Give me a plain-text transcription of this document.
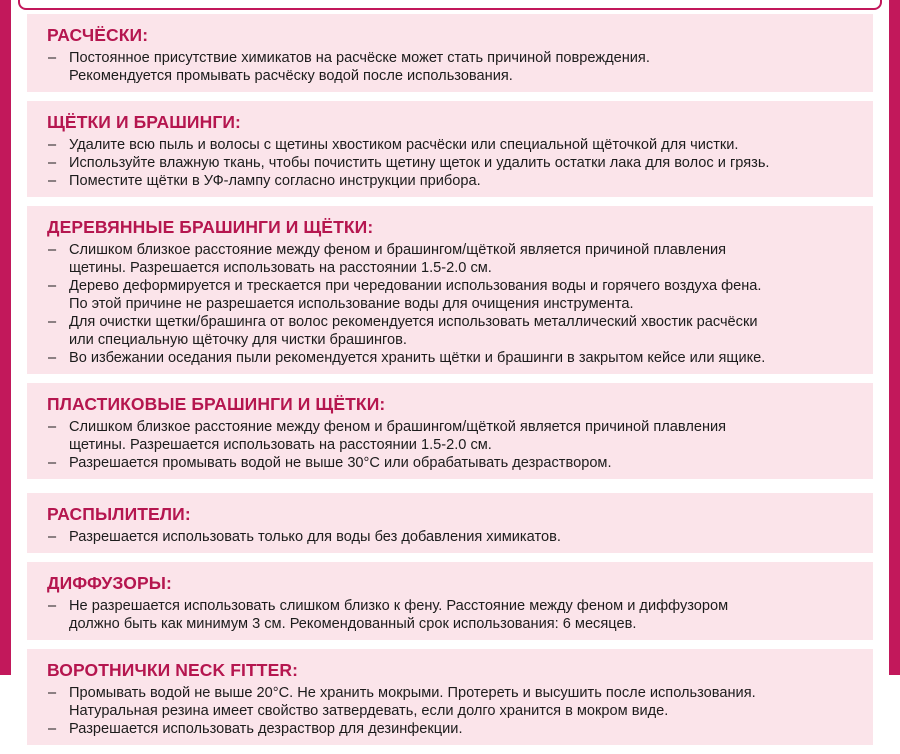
РАСЧЁСКИ:
– Постоянное присутствие химикатов на расчёске может стать причиной повреждения.
Рекомендуется промывать расчёску водой после использования.
ЩЁТКИ И БРАШИНГИ:
– Удалите всю пыль и волосы с щетины хвостиком расчёски или специальной щёточкой для чистки.
– Используйте влажную ткань, чтобы почистить щетину щеток и удалить остатки лака для волос и грязь.
– Поместите щётки в УФ-лампу согласно инструкции прибора.
ДЕРЕВЯННЫЕ БРАШИНГИ И ЩЁТКИ:
– Слишком близкое расстояние между феном и брашингом/щёткой является причиной плавления
щетины. Разрешается использовать на расстоянии 1.5-2.0 см.
– Дерево деформируется и трескается при чередовании использования воды и горячего воздуха фена.
По этой причине не разрешается использование воды для очищения инструмента.
– Для очистки щетки/брашинга от волос рекомендуется использовать металлический хвостик расчёски
или специальную щёточку для чистки брашингов.
– Во избежании оседания пыли рекомендуется хранить щётки и брашинги в закрытом кейсе или ящике.
ПЛАСТИКОВЫЕ БРАШИНГИ И ЩЁТКИ:
– Слишком близкое расстояние между феном и брашингом/щёткой является причиной плавления
щетины. Разрешается использовать на расстоянии 1.5-2.0 см.
– Разрешается промывать водой не выше 30°C или обрабатывать дезраствором.
РАСПЫЛИТЕЛИ:
– Разрешается использовать только для воды без добавления химикатов.
ДИФФУЗОРЫ:
– Не разрешается использовать слишком близко к фену. Расстояние между феном и диффузором
должно быть как минимум 3 см. Рекомендованный срок использования: 6 месяцев.
ВОРОТНИЧКИ NECK FITTER:
– Промывать водой не выше 20°C. Не хранить мокрыми. Протереть и высушить после использования.
Натуральная резина имеет свойство затвердевать, если долго хранится в мокром виде.
– Разрешается использовать дезраствор для дезинфекции.
